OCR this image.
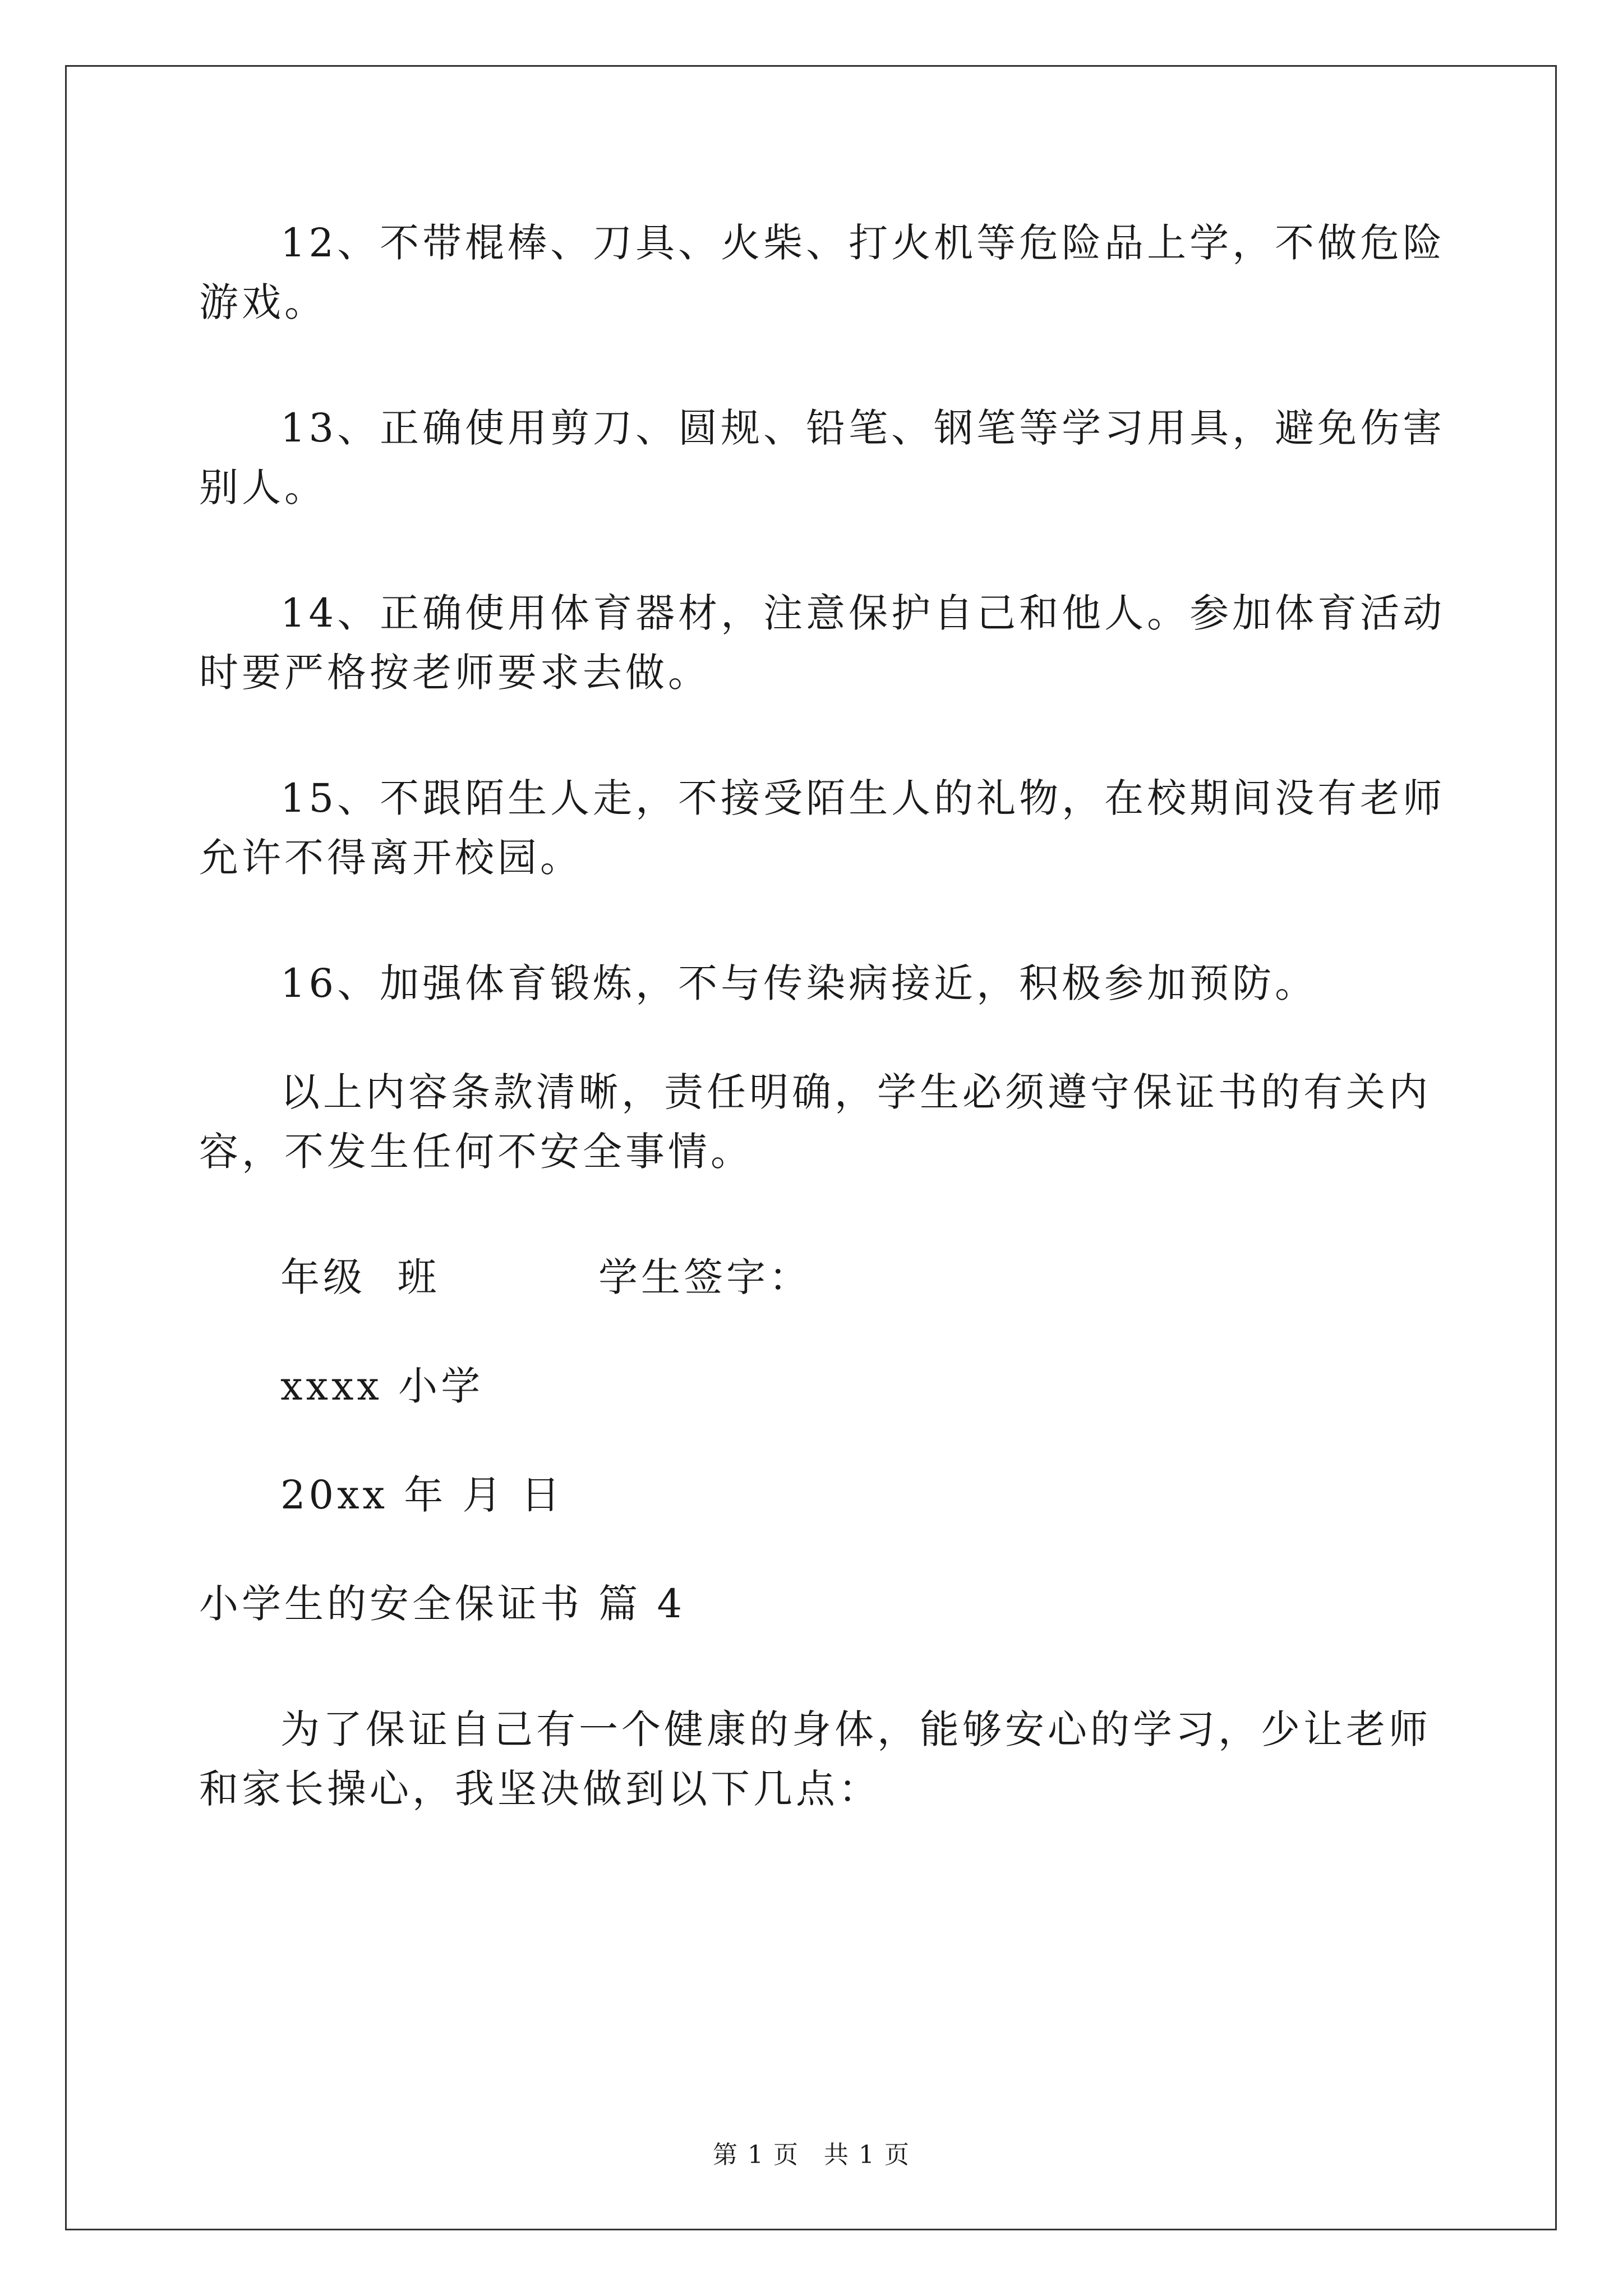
12、不带棍棒、刀具、火柴、打火机等危险品上学，不做危险游戏。

13、正确使用剪刀、圆规、铅笔、钢笔等学习用具，避免伤害别人。

14、正确使用体育器材，注意保护自己和他人。参加体育活动时要严格按老师要求去做。

15、不跟陌生人走，不接受陌生人的礼物，在校期间没有老师允许不得离开校园。

16、加强体育锻炼，不与传染病接近，积极参加预防。

以上内容条款清晰，责任明确，学生必须遵守保证书的有关内容，不发生任何不安全事情。

年级  班          学生签字：

xxxx 小学

20xx 年 月 日

小学生的安全保证书 篇 4

为了保证自己有一个健康的身体，能够安心的学习，少让老师和家长操心，我坚决做到以下几点：

第 1 页 共 1 页
